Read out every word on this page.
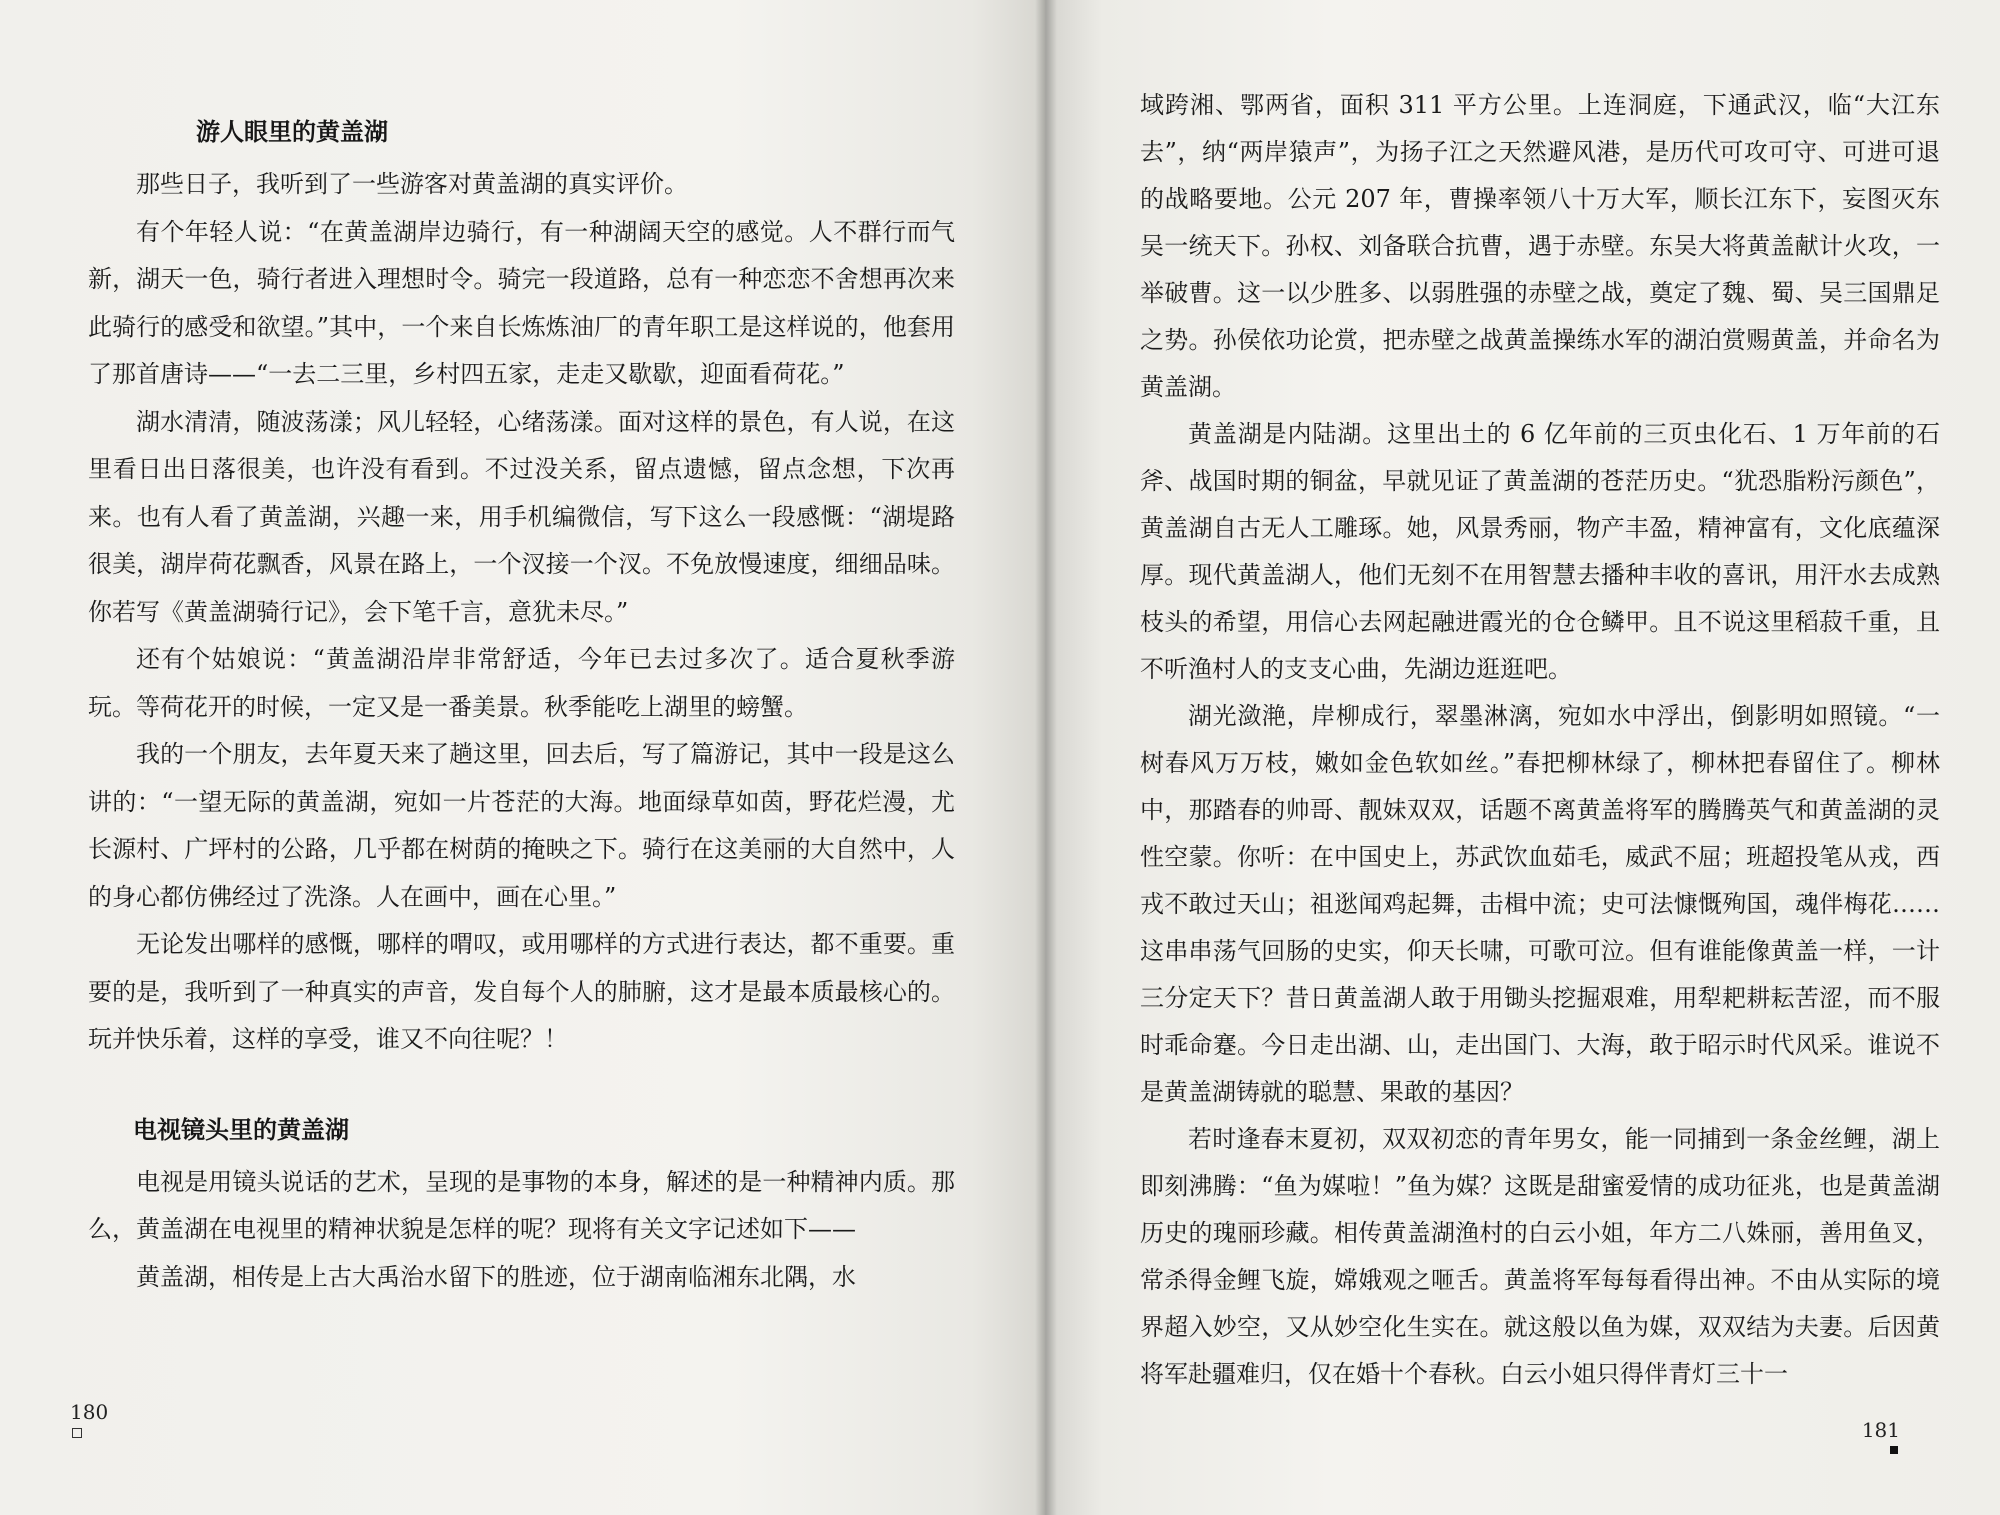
游人眼里的黄盖湖

那些日子，我听到了一些游客对黄盖湖的真实评价。

有个年轻人说：“在黄盖湖岸边骑行，有一种湖阔天空的感觉。人不群行而气新，湖天一色，骑行者进入理想时令。骑完一段道路，总有一种恋恋不舍想再次来此骑行的感受和欲望。”其中，一个来自长炼炼油厂的青年职工是这样说的，他套用了那首唐诗——“一去二三里，乡村四五家，走走又歇歇，迎面看荷花。”

湖水清清，随波荡漾；风儿轻轻，心绪荡漾。面对这样的景色，有人说，在这里看日出日落很美，也许没有看到。不过没关系，留点遗憾，留点念想，下次再来。也有人看了黄盖湖，兴趣一来，用手机编微信，写下这么一段感慨：“湖堤路很美，湖岸荷花飘香，风景在路上，一个汊接一个汊。不免放慢速度，细细品味。你若写《黄盖湖骑行记》，会下笔千言，意犹未尽。”

还有个姑娘说：“黄盖湖沿岸非常舒适，今年已去过多次了。适合夏秋季游玩。等荷花开的时候，一定又是一番美景。秋季能吃上湖里的螃蟹。

我的一个朋友，去年夏天来了趟这里，回去后，写了篇游记，其中一段是这么讲的：“一望无际的黄盖湖，宛如一片苍茫的大海。地面绿草如茵，野花烂漫，尤长源村、广坪村的公路，几乎都在树荫的掩映之下。骑行在这美丽的大自然中，人的身心都仿佛经过了洗涤。人在画中，画在心里。”

无论发出哪样的感慨，哪样的喟叹，或用哪样的方式进行表达，都不重要。重要的是，我听到了一种真实的声音，发自每个人的肺腑，这才是最本质最核心的。玩并快乐着，这样的享受，谁又不向往呢？！

电视镜头里的黄盖湖

电视是用镜头说话的艺术，呈现的是事物的本身，解述的是一种精神内质。那么，黄盖湖在电视里的精神状貌是怎样的呢？现将有关文字记述如下——

黄盖湖，相传是上古大禹治水留下的胜迹，位于湖南临湘东北隅，水

180

域跨湘、鄂两省，面积 311 平方公里。上连洞庭，下通武汉，临“大江东去”，纳“两岸猿声”，为扬子江之天然避风港，是历代可攻可守、可进可退的战略要地。公元 207 年，曹操率领八十万大军，顺长江东下，妄图灭东吴一统天下。孙权、刘备联合抗曹，遇于赤壁。东吴大将黄盖献计火攻，一举破曹。这一以少胜多、以弱胜强的赤壁之战，奠定了魏、蜀、吴三国鼎足之势。孙侯依功论赏，把赤壁之战黄盖操练水军的湖泊赏赐黄盖，并命名为黄盖湖。

黄盖湖是内陆湖。这里出土的 6 亿年前的三页虫化石、1 万年前的石斧、战国时期的铜盆，早就见证了黄盖湖的苍茫历史。“犹恐脂粉污颜色”，黄盖湖自古无人工雕琢。她，风景秀丽，物产丰盈，精神富有，文化底蕴深厚。现代黄盖湖人，他们无刻不在用智慧去播种丰收的喜讯，用汗水去成熟枝头的希望，用信心去网起融进霞光的仓仓鳞甲。且不说这里稻菽千重，且不听渔村人的支支心曲，先湖边逛逛吧。

湖光潋滟，岸柳成行，翠墨淋漓，宛如水中浮出，倒影明如照镜。“一树春风万万枝，嫩如金色软如丝。”春把柳林绿了，柳林把春留住了。柳林中，那踏春的帅哥、靓妹双双，话题不离黄盖将军的腾腾英气和黄盖湖的灵性空蒙。你听：在中国史上，苏武饮血茹毛，威武不屈；班超投笔从戎，西戎不敢过天山；祖逖闻鸡起舞，击楫中流；史可法慷慨殉国，魂伴梅花……这串串荡气回肠的史实，仰天长啸，可歌可泣。但有谁能像黄盖一样，一计三分定天下？昔日黄盖湖人敢于用锄头挖掘艰难，用犁耙耕耘苦涩，而不服时乖命蹇。今日走出湖、山，走出国门、大海，敢于昭示时代风采。谁说不是黄盖湖铸就的聪慧、果敢的基因？

若时逢春末夏初，双双初恋的青年男女，能一同捕到一条金丝鲤，湖上即刻沸腾：“鱼为媒啦！”鱼为媒？这既是甜蜜爱情的成功征兆，也是黄盖湖历史的瑰丽珍藏。相传黄盖湖渔村的白云小姐，年方二八姝丽，善用鱼叉，常杀得金鲤飞旋，嫦娥观之咂舌。黄盖将军每每看得出神。不由从实际的境界超入妙空，又从妙空化生实在。就这般以鱼为媒，双双结为夫妻。后因黄将军赴疆难归，仅在婚十个春秋。白云小姐只得伴青灯三十一

181
